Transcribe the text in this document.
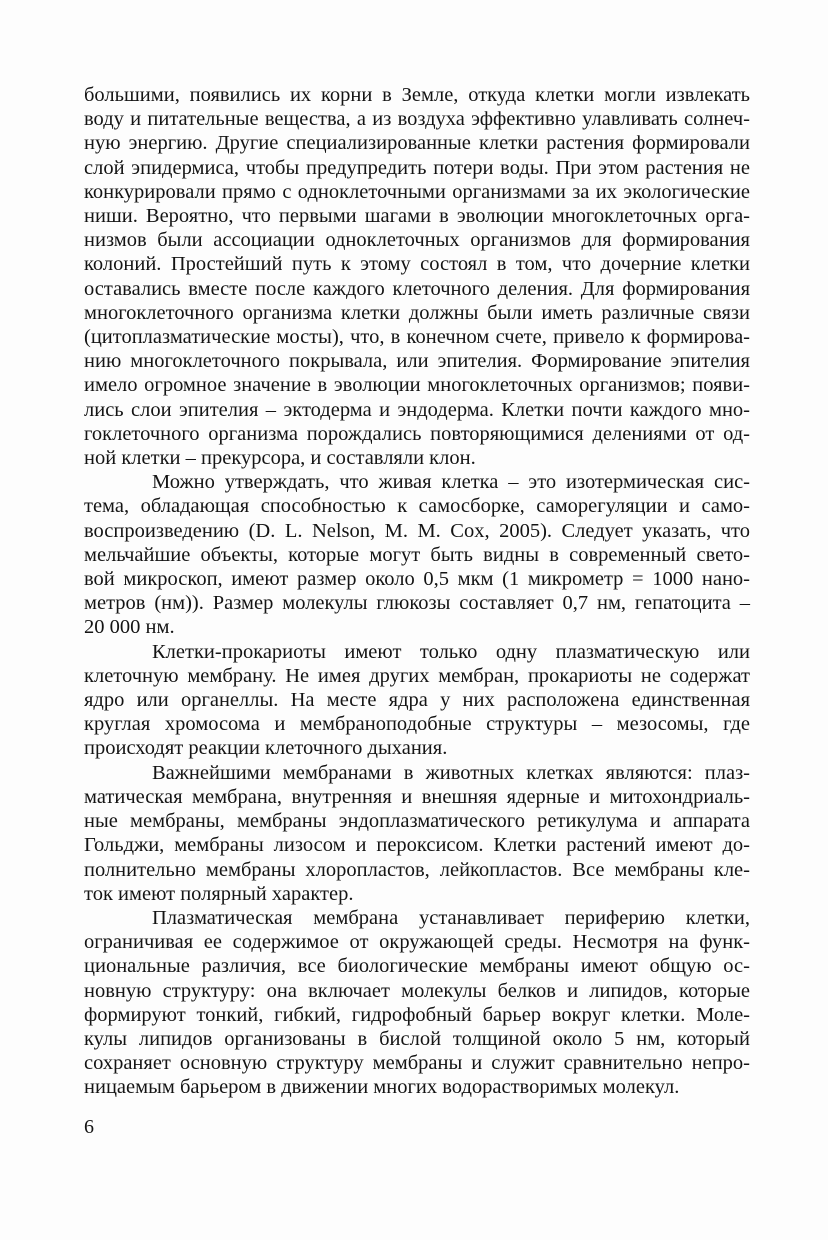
большими, появились их корни в Земле, откуда клетки могли извлекать
воду и питательные вещества, а из воздуха эффективно улавливать солнеч-
ную энергию. Другие специализированные клетки растения формировали
слой эпидермиса, чтобы предупредить потери воды. При этом растения не
конкурировали прямо с одноклеточными организмами за их экологические
ниши. Вероятно, что первыми шагами в эволюции многоклеточных орга-
низмов были ассоциации одноклеточных организмов для формирования
колоний. Простейший путь к этому состоял в том, что дочерние клетки
оставались вместе после каждого клеточного деления. Для формирования
многоклеточного организма клетки должны были иметь различные связи
(цитоплазматические мосты), что, в конечном счете, привело к формирова-
нию многоклеточного покрывала, или эпителия. Формирование эпителия
имело огромное значение в эволюции многоклеточных организмов; появи-
лись слои эпителия – эктодерма и эндодерма. Клетки почти каждого мно-
гоклеточного организма порождались повторяющимися делениями от од-
ной клетки – прекурсора, и составляли клон.
Можно утверждать, что живая клетка – это изотермическая сис-
тема, обладающая способностью к самосборке, саморегуляции и само-
воспроизведению (D. L. Nelson, M. M. Cox, 2005). Следует указать, что
мельчайшие объекты, которые могут быть видны в современный свето-
вой микроскоп, имеют размер около 0,5 мкм (1 микрометр = 1000 нано-
метров (нм)). Размер молекулы глюкозы составляет 0,7 нм, гепатоцита –
20 000 нм.
Клетки-прокариоты имеют только одну плазматическую или
клеточную мембрану. Не имея других мембран, прокариоты не содержат
ядро или органеллы. На месте ядра у них расположена единственная
круглая хромосома и мембраноподобные структуры – мезосомы, где
происходят реакции клеточного дыхания.
Важнейшими мембранами в животных клетках являются: плаз-
матическая мембрана, внутренняя и внешняя ядерные и митохондриаль-
ные мембраны, мембраны эндоплазматического ретикулума и аппарата
Гольджи, мембраны лизосом и пероксисом. Клетки растений имеют до-
полнительно мембраны хлоропластов, лейкопластов. Все мембраны кле-
ток имеют полярный характер.
Плазматическая мембрана устанавливает периферию клетки,
ограничивая ее содержимое от окружающей среды. Несмотря на функ-
циональные различия, все биологические мембраны имеют общую ос-
новную структуру: она включает молекулы белков и липидов, которые
формируют тонкий, гибкий, гидрофобный барьер вокруг клетки. Моле-
кулы липидов организованы в бислой толщиной около 5 нм, который
сохраняет основную структуру мембраны и служит сравнительно непро-
ницаемым барьером в движении многих водорастворимых молекул.
6
